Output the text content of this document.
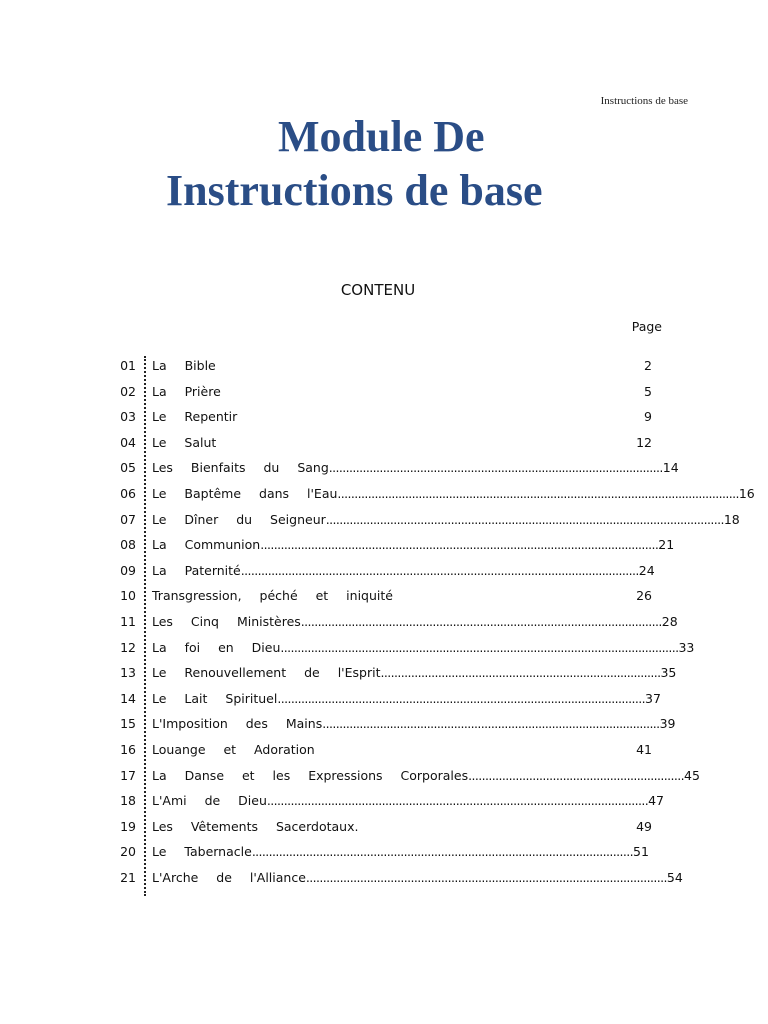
Instructions de base
Module De
Instructions de base
CONTENU
Page
01 La Bible	2
02 La Prière	5
03 Le Repentir	9
04 Le Salut	12
05 Les Bienfaits du Sang...................................................................................................14
06 Le Baptême dans l'Eau.......................................................................................................................16
07 Le Dîner du Seigneur......................................................................................................................18
08 La Communion......................................................................................................................21
09 La Paternité......................................................................................................................24
10 Transgression, péché et iniquité	26
11 Les Cinq Ministères...........................................................................................................28
12 La foi en Dieu......................................................................................................................33
13 Le Renouvellement de l'Esprit...................................................................................35
14 Le Lait Spirituel.............................................................................................................37
15 L'Imposition des Mains....................................................................................................39
16 Louange et Adoration	41
17 La Danse et les Expressions Corporales................................................................45
18 L'Ami de Dieu.................................................................................................................47
19 Les Vêtements Sacerdotaux.	49
20 Le Tabernacle.................................................................................................................51
21 L'Arche de l'Alliance...........................................................................................................54
